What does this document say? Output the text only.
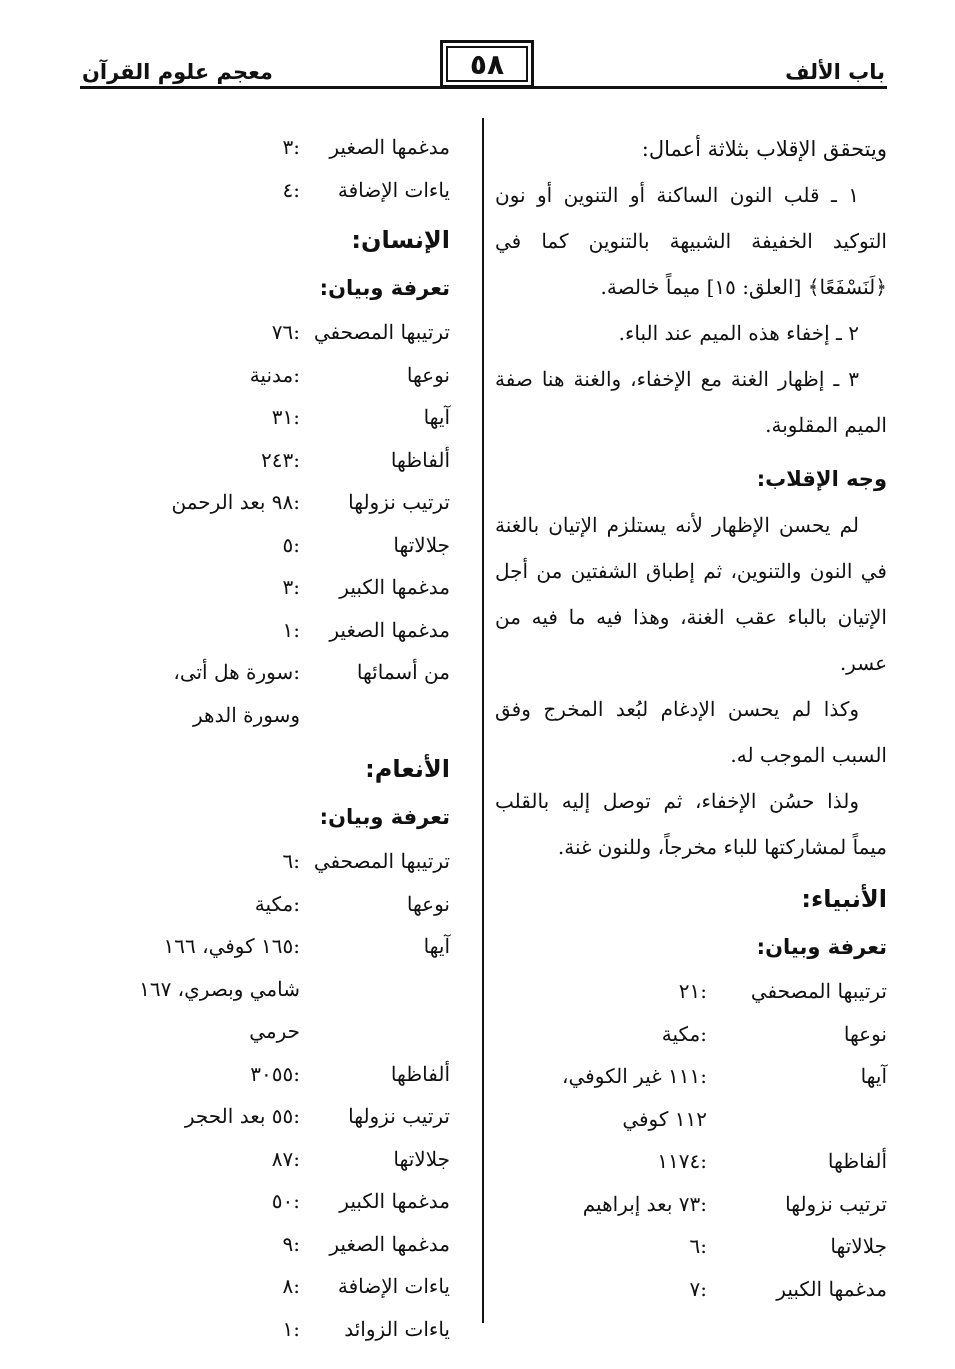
باب الألف
٥٨
معجم علوم القرآن

ويتحقق الإقلاب بثلاثة أعمال:

١ ـ قلب النون الساكنة أو التنوين أو نون التوكيد الخفيفة الشبيهة بالتنوين كما في ﴿لَنَسْفَعًا﴾ [العلق: ١٥] ميماً خالصة.

٢ ـ إخفاء هذه الميم عند الباء.

٣ ـ إظهار الغنة مع الإخفاء، والغنة هنا صفة الميم المقلوبة.

وجه الإقلاب:

لم يحسن الإظهار لأنه يستلزم الإتيان بالغنة في النون والتنوين، ثم إطباق الشفتين من أجل الإتيان بالباء عقب الغنة، وهذا فيه ما فيه من عسر.

وكذا لم يحسن الإدغام لبُعد المخرج وفق السبب الموجب له.

ولذا حسُن الإخفاء، ثم توصل إليه بالقلب ميماً لمشاركتها للباء مخرجاً، وللنون غنة.

الأنبياء:

تعرفة وبيان:

ترتيبها المصحفي
:
٢١
نوعها
:
مكية
آيها
:
١١١ غير الكوفي،
١١٢ كوفي
ألفاظها
:
١١٧٤
ترتيب نزولها
:
٧٣ بعد إبراهيم
جلالاتها
:
٦
مدغمها الكبير
:
٧
مدغمها الصغير
:
٣
ياءات الإضافة
:
٤

الإنسان:

تعرفة وبيان:

ترتيبها المصحفي
:
٧٦
نوعها
:
مدنية
آيها
:
٣١
ألفاظها
:
٢٤٣
ترتيب نزولها
:
٩٨ بعد الرحمن
جلالاتها
:
٥
مدغمها الكبير
:
٣
مدغمها الصغير
:
١
من أسمائها
:
سورة هل أتى،
وسورة الدهر

الأنعام:

تعرفة وبيان:

ترتيبها المصحفي
:
٦
نوعها
:
مكية
آيها
:
١٦٥ كوفي، ١٦٦
شامي وبصري، ١٦٧
حرمي
ألفاظها
:
٣٠٥٥
ترتيب نزولها
:
٥٥ بعد الحجر
جلالاتها
:
٨٧
مدغمها الكبير
:
٥٠
مدغمها الصغير
:
٩
ياءات الإضافة
:
٨
ياءات الزوائد
:
١
